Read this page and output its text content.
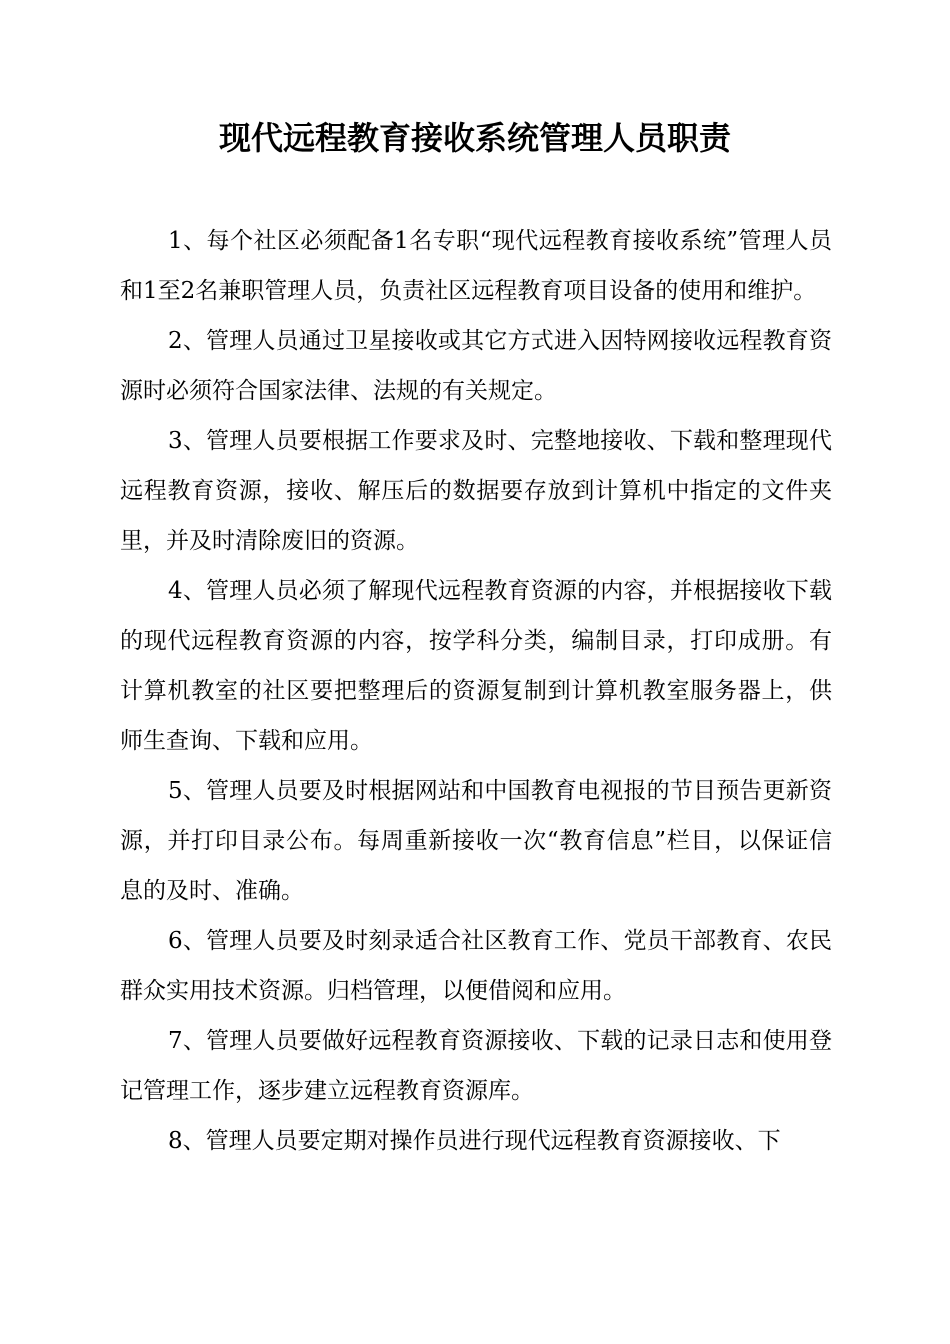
现代远程教育接收系统管理人员职责

1、每个社区必须配备1名专职“现代远程教育接收系统”管理人员和1至2名兼职管理人员，负责社区远程教育项目设备的使用和维护。

2、管理人员通过卫星接收或其它方式进入因特网接收远程教育资源时必须符合国家法律、法规的有关规定。

3、管理人员要根据工作要求及时、完整地接收、下载和整理现代远程教育资源，接收、解压后的数据要存放到计算机中指定的文件夹里，并及时清除废旧的资源。

4、管理人员必须了解现代远程教育资源的内容，并根据接收下载的现代远程教育资源的内容，按学科分类，编制目录，打印成册。有计算机教室的社区要把整理后的资源复制到计算机教室服务器上，供师生查询、下载和应用。

5、管理人员要及时根据网站和中国教育电视报的节目预告更新资源，并打印目录公布。每周重新接收一次“教育信息”栏目，以保证信息的及时、准确。

6、管理人员要及时刻录适合社区教育工作、党员干部教育、农民群众实用技术资源。归档管理，以便借阅和应用。

7、管理人员要做好远程教育资源接收、下载的记录日志和使用登记管理工作，逐步建立远程教育资源库。

8、管理人员要定期对操作员进行现代远程教育资源接收、下
